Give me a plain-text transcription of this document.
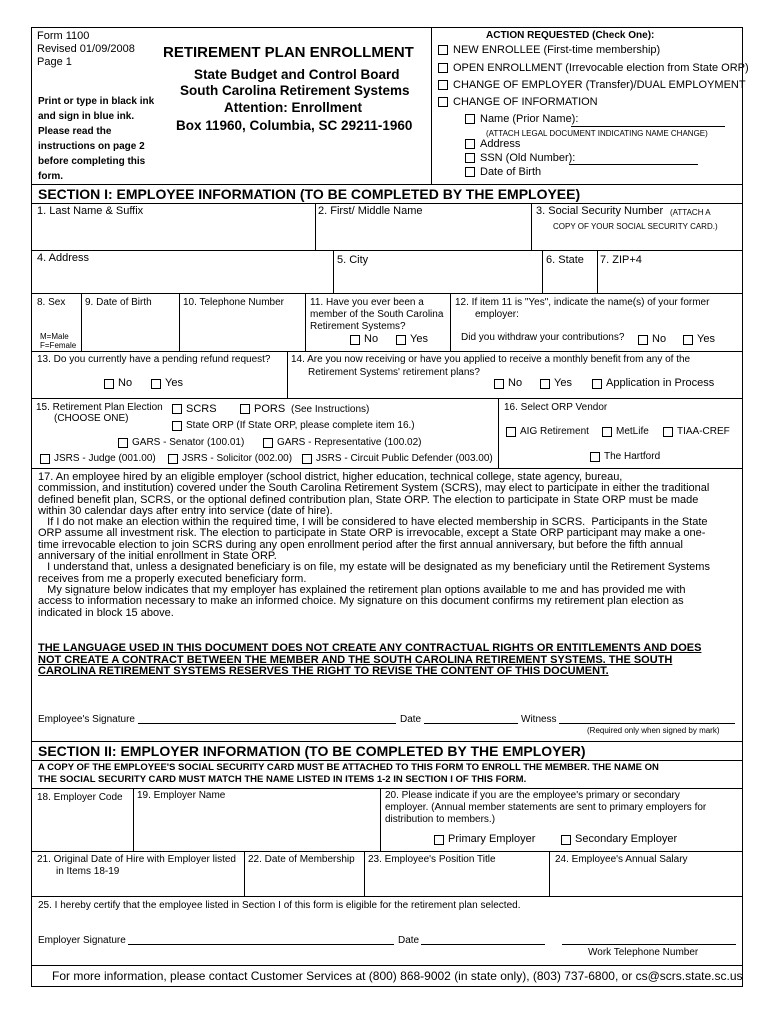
Form 1100
Revised 01/09/2008
Page 1
Print or type in black ink
and sign in blue ink.
Please read the
instructions on page 2
before completing this
form.
RETIREMENT PLAN ENROLLMENT
State Budget and Control Board
South Carolina Retirement Systems
Attention: Enrollment
Box 11960, Columbia, SC 29211-1960
ACTION REQUESTED (Check One):
NEW ENROLLEE (First-time membership)
OPEN ENROLLMENT (Irrevocable election from State ORP)
CHANGE OF EMPLOYER (Transfer)/DUAL EMPLOYMENT
CHANGE OF INFORMATION
Name (Prior Name):
(ATTACH LEGAL DOCUMENT INDICATING NAME CHANGE)
Address
SSN (Old Number):
Date of Birth
SECTION I: EMPLOYEE INFORMATION (TO BE COMPLETED BY THE EMPLOYEE)
1. Last Name & Suffix	2. First/ Middle Name	3. Social Security Number (ATTACH A
COPY OF YOUR SOCIAL SECURITY CARD.)
4. Address	5. City	6. State 7. ZIP+4
8. Sex
M=Male
F=Female
9. Date of Birth	10. Telephone Number	11. Have you ever been a
member of the South Carolina
Retirement Systems?
No	Yes
12. If item 11 is "Yes", indicate the name(s) of your former
employer:
Did you withdraw your contributions?	No	Yes
13. Do you currently have a pending refund request?
No	Yes
14. Are you now receiving or have you applied to receive a monthly benefit from any of the
Retirement Systems' retirement plans?
No	Yes	Application in Process
15. Retirement Plan Election
(CHOOSE ONE)
SCRS	PORS (See Instructions)
State ORP (If State ORP, please complete item 16.)
GARS - Senator (100.01)	GARS - Representative (100.02)
JSRS - Judge (001.00)	JSRS - Solicitor (002.00) JSRS - Circuit Public Defender (003.00)
16. Select ORP Vendor
AIG Retirement	MetLife	TIAA-CREF
The Hartford

17. An employee hired by an eligible employer (school district, higher education, technical college, state agency, bureau,

commission, and institution) covered under the South Carolina Retirement System (SCRS), may elect to participate in either the traditional

defined benefit plan, SCRS, or the optional defined contribution plan, State ORP. The election to participate in State ORP must be made

within 30 calendar days after entry into service (date of hire).

If I do not make an election within the required time, I will be considered to have elected membership in SCRS.  Participants in the State

ORP assume all investment risk. The election to participate in State ORP is irrevocable, except a State ORP participant may make a one-

time irrevocable election to join SCRS during any open enrollment period after the first annual anniversary, but before the fifth annual

anniversary of the initial enrollment in State ORP.

I understand that, unless a designated beneficiary is on file, my estate will be designated as my beneficiary until the Retirement Systems

receives from me a properly executed beneficiary form.

My signature below indicates that my employer has explained the retirement plan options available to me and has provided me with

access to information necessary to make an informed choice. My signature on this document confirms my retirement plan election as

indicated in block 15 above.

THE LANGUAGE USED IN THIS DOCUMENT DOES NOT CREATE ANY CONTRACTUAL RIGHTS OR ENTITLEMENTS AND DOES
NOT CREATE A CONTRACT BETWEEN THE MEMBER AND THE SOUTH CAROLINA RETIREMENT SYSTEMS. THE SOUTH
CAROLINA RETIREMENT SYSTEMS RESERVES THE RIGHT TO REVISE THE CONTENT OF THIS DOCUMENT.
Employee's Signature	Date	Witness
(Required only when signed by mark)
SECTION II: EMPLOYER INFORMATION (TO BE COMPLETED BY THE EMPLOYER)
A COPY OF THE EMPLOYEE'S SOCIAL SECURITY CARD MUST BE ATTACHED TO THIS FORM TO ENROLL THE MEMBER. THE NAME ON
THE SOCIAL SECURITY CARD MUST MATCH THE NAME LISTED IN ITEMS 1-2 IN SECTION I OF THIS FORM.
18. Employer Code 19. Employer Name	20. Please indicate if you are the employee's primary or secondary
employer. (Annual member statements are sent to primary employers for
distribution to members.)
Primary Employer	Secondary Employer
21. Original Date of Hire with Employer listed
in Items 18-19
22. Date of Membership 23. Employee's Position Title	24. Employee's Annual Salary
25. I hereby certify that the employee listed in Section I of this form is eligible for the retirement plan selected.
Employer Signature	Date
Work Telephone Number
For more information, please contact Customer Services at (800) 868-9002 (in state only), (803) 737-6800, or cs@scrs.state.sc.us
